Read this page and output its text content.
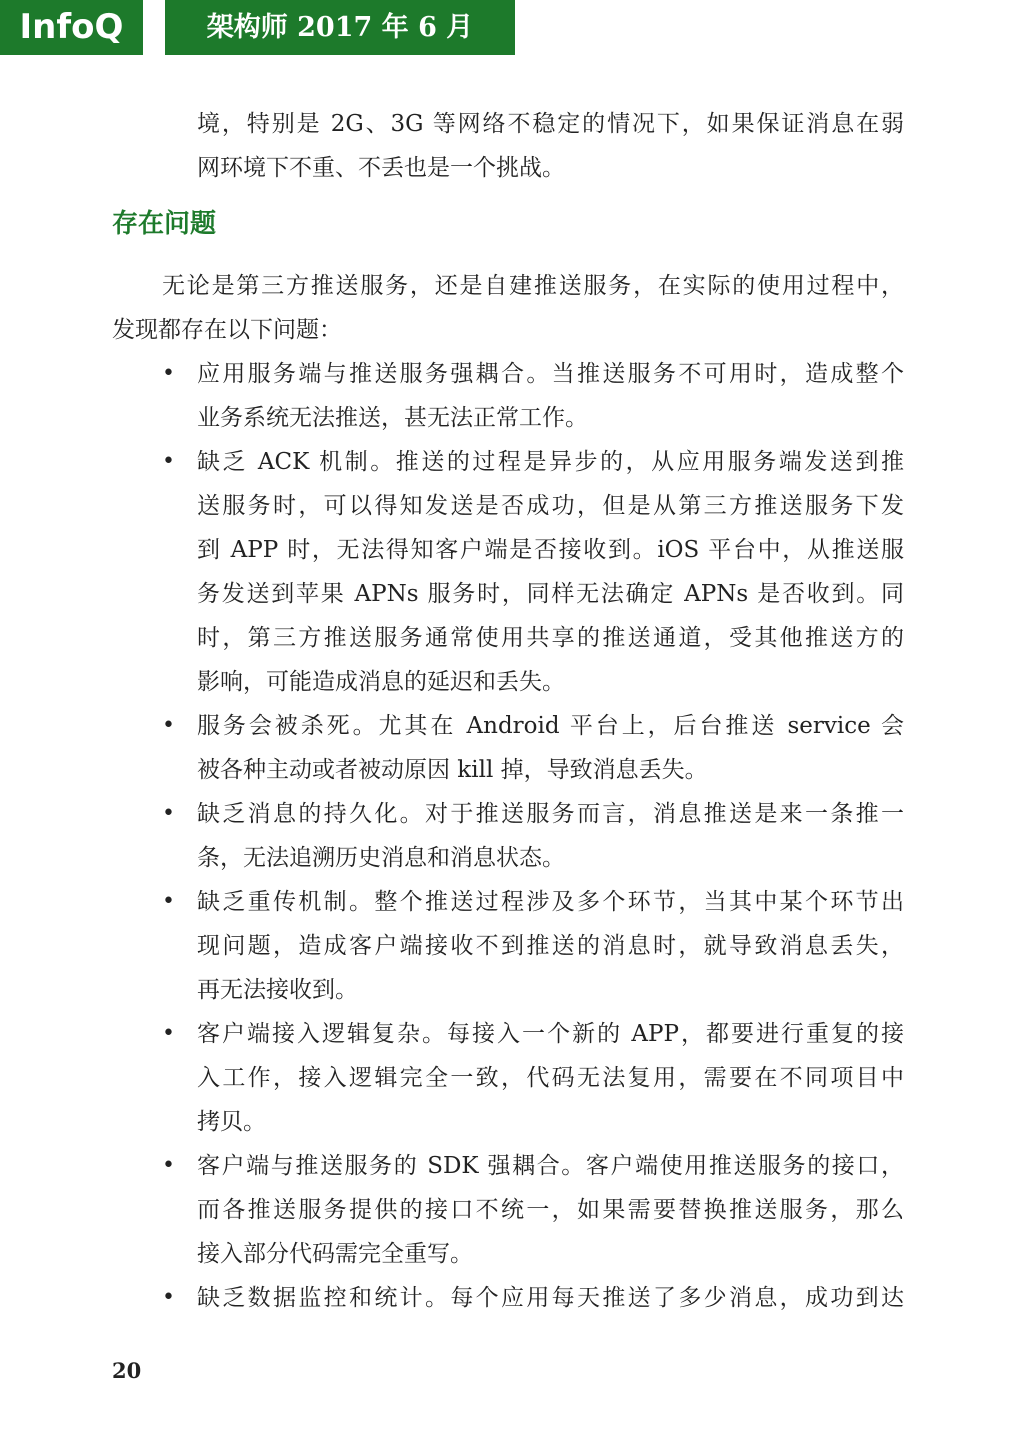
InfoQ	架构师 2017 年 6 月
境，特别是 2G、3G 等网络不稳定的情况下，如果保证消息在弱
网环境下不重、不丢也是一个挑战。
存在问题
无论是第三方推送服务，还是自建推送服务，在实际的使用过程中，
发现都存在以下问题：
• 应用服务端与推送服务强耦合。当推送服务不可用时，造成整个
业务系统无法推送，甚无法正常工作。
• 缺乏 ACK 机制。推送的过程是异步的，从应用服务端发送到推
送服务时，可以得知发送是否成功，但是从第三方推送服务下发
到 APP 时，无法得知客户端是否接收到。iOS 平台中，从推送服
务发送到苹果 APNs 服务时，同样无法确定 APNs 是否收到。同
时，第三方推送服务通常使用共享的推送通道，受其他推送方的
影响，可能造成消息的延迟和丢失。
• 服务会被杀死。尤其在 Android 平台上，后台推送 service 会
被各种主动或者被动原因 kill 掉，导致消息丢失。
• 缺乏消息的持久化。对于推送服务而言，消息推送是来一条推一
条，无法追溯历史消息和消息状态。
• 缺乏重传机制。整个推送过程涉及多个环节，当其中某个环节出
现问题，造成客户端接收不到推送的消息时，就导致消息丢失，
再无法接收到。
• 客户端接入逻辑复杂。每接入一个新的 APP，都要进行重复的接
入工作，接入逻辑完全一致，代码无法复用，需要在不同项目中
拷贝。
• 客户端与推送服务的 SDK 强耦合。客户端使用推送服务的接口，
而各推送服务提供的接口不统一，如果需要替换推送服务，那么
接入部分代码需完全重写。
• 缺乏数据监控和统计。每个应用每天推送了多少消息，成功到达
20
